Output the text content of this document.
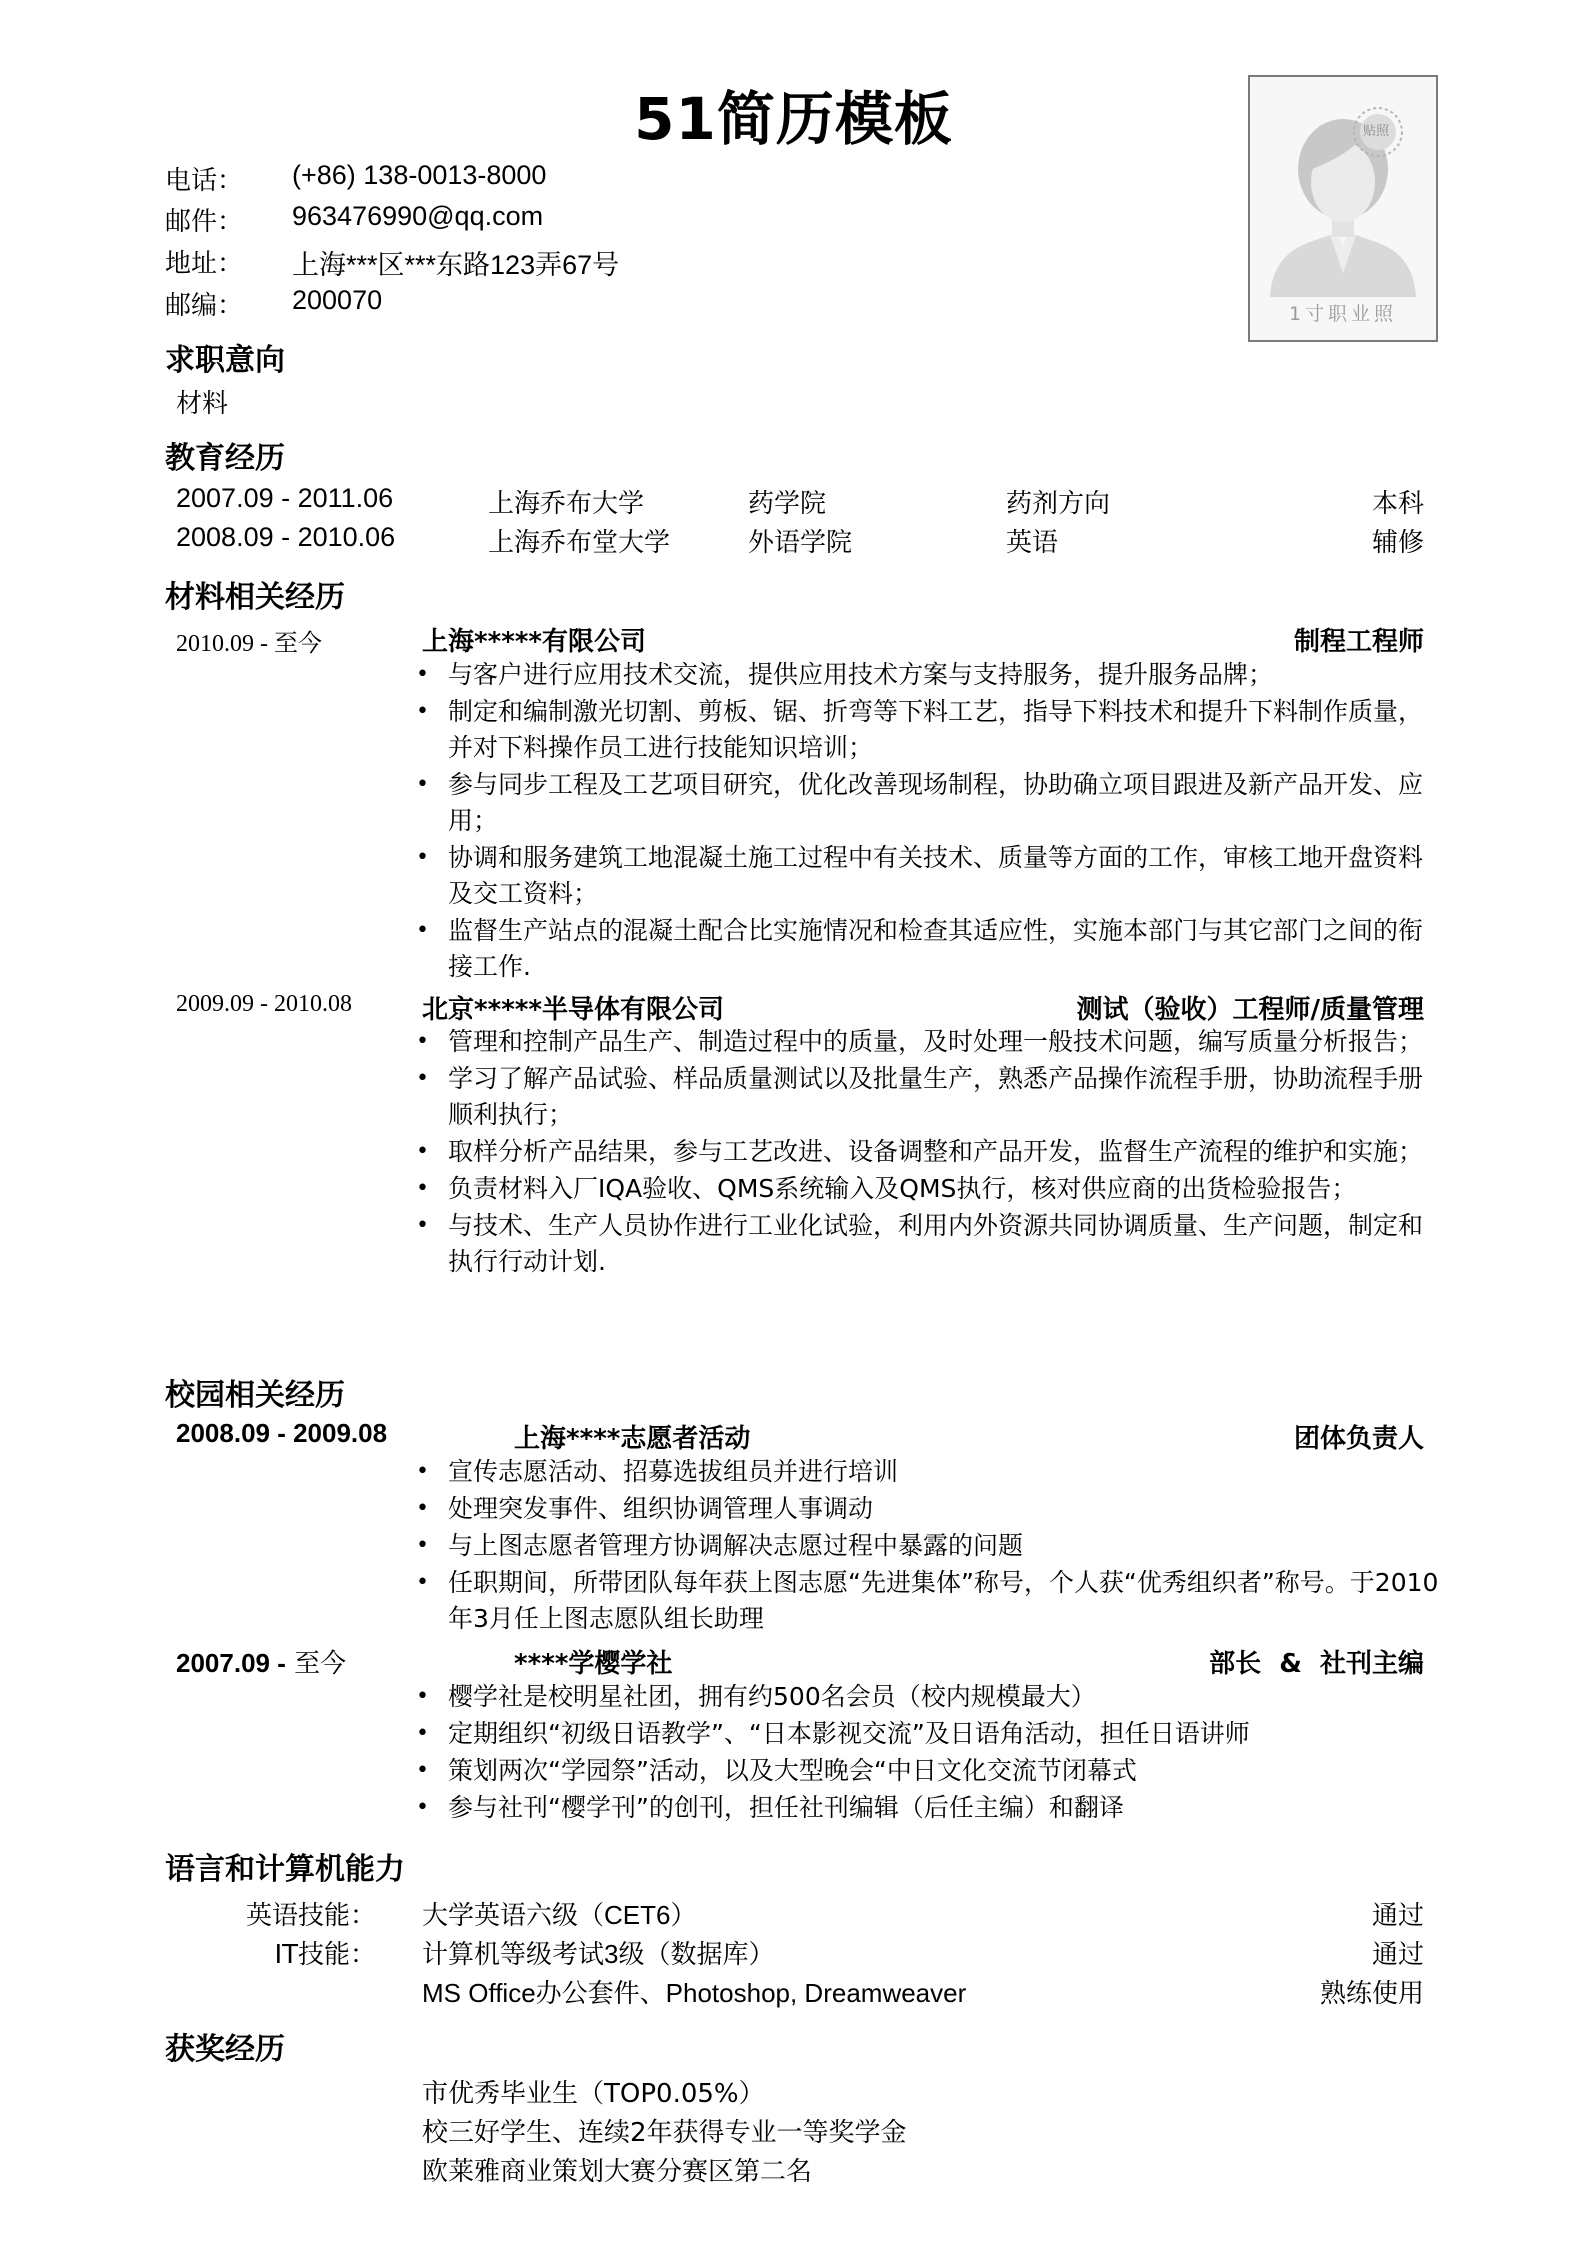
51简历模板	贴照
1寸职业照
电话： (+86) 138-0013-8000
邮件： 963476990@qq.com
地址： 上海***区***东路123弄67号
邮编： 200070
求职意向
材料
教育经历
2007.09 - 2011.06	上海乔布大学	药学院	药剂方向	本科
2008.09 - 2010.06	上海乔布堂大学	外语学院	英语	辅修
材料相关经历
2010.09 - 至今	上海*****有限公司	制程工程师
• 与客户进行应用技术交流，提供应用技术方案与支持服务，提升服务品牌；
• 制定和编制激光切割、剪板、锯、折弯等下料工艺，指导下料技术和提升下料制作质量，并对下料操作员工进行技能知识培训；
• 参与同步工程及工艺项目研究，优化改善现场制程，协助确立项目跟进及新产品开发、应用；
• 协调和服务建筑工地混凝土施工过程中有关技术、质量等方面的工作，审核工地开盘资料及交工资料；
• 监督生产站点的混凝土配合比实施情况和检查其适应性，实施本部门与其它部门之间的衔接工作.
2009.09 - 2010.08	北京*****半导体有限公司	测试（验收）工程师/质量管理
• 管理和控制产品生产、制造过程中的质量，及时处理一般技术问题，编写质量分析报告；
• 学习了解产品试验、样品质量测试以及批量生产，熟悉产品操作流程手册，协助流程手册顺利执行；
• 取样分析产品结果，参与工艺改进、设备调整和产品开发，监督生产流程的维护和实施；
• 负责材料入厂IQA验收、QMS系统输入及QMS执行，核对供应商的出货检验报告；
• 与技术、生产人员协作进行工业化试验，利用内外资源共同协调质量、生产问题，制定和执行行动计划.
校园相关经历
2008.09 - 2009.08	上海****志愿者活动	团体负责人
• 宣传志愿活动、招募选拔组员并进行培训
• 处理突发事件、组织协调管理人事调动
• 与上图志愿者管理方协调解决志愿过程中暴露的问题
• 任职期间，所带团队每年获上图志愿“先进集体”称号，个人获“优秀组织者”称号。于2010年3月任上图志愿队组长助理
2007.09 - 至今	****学樱学社	部长  &  社刊主编
• 樱学社是校明星社团，拥有约500名会员（校内规模最大）
• 定期组织“初级日语教学”、“日本影视交流”及日语角活动，担任日语讲师
• 策划两次“学园祭”活动，以及大型晚会“中日文化交流节闭幕式
• 参与社刊“樱学刊”的创刊，担任社刊编辑（后任主编）和翻译
语言和计算机能力
英语技能： 大学英语六级（CET6）	通过
IT技能： 计算机等级考试3级（数据库）	通过
MS Office办公套件、Photoshop, Dreamweaver	熟练使用
获奖经历
市优秀毕业生（TOP0.05%）
校三好学生、连续2年获得专业一等奖学金
欧莱雅商业策划大赛分赛区第二名
